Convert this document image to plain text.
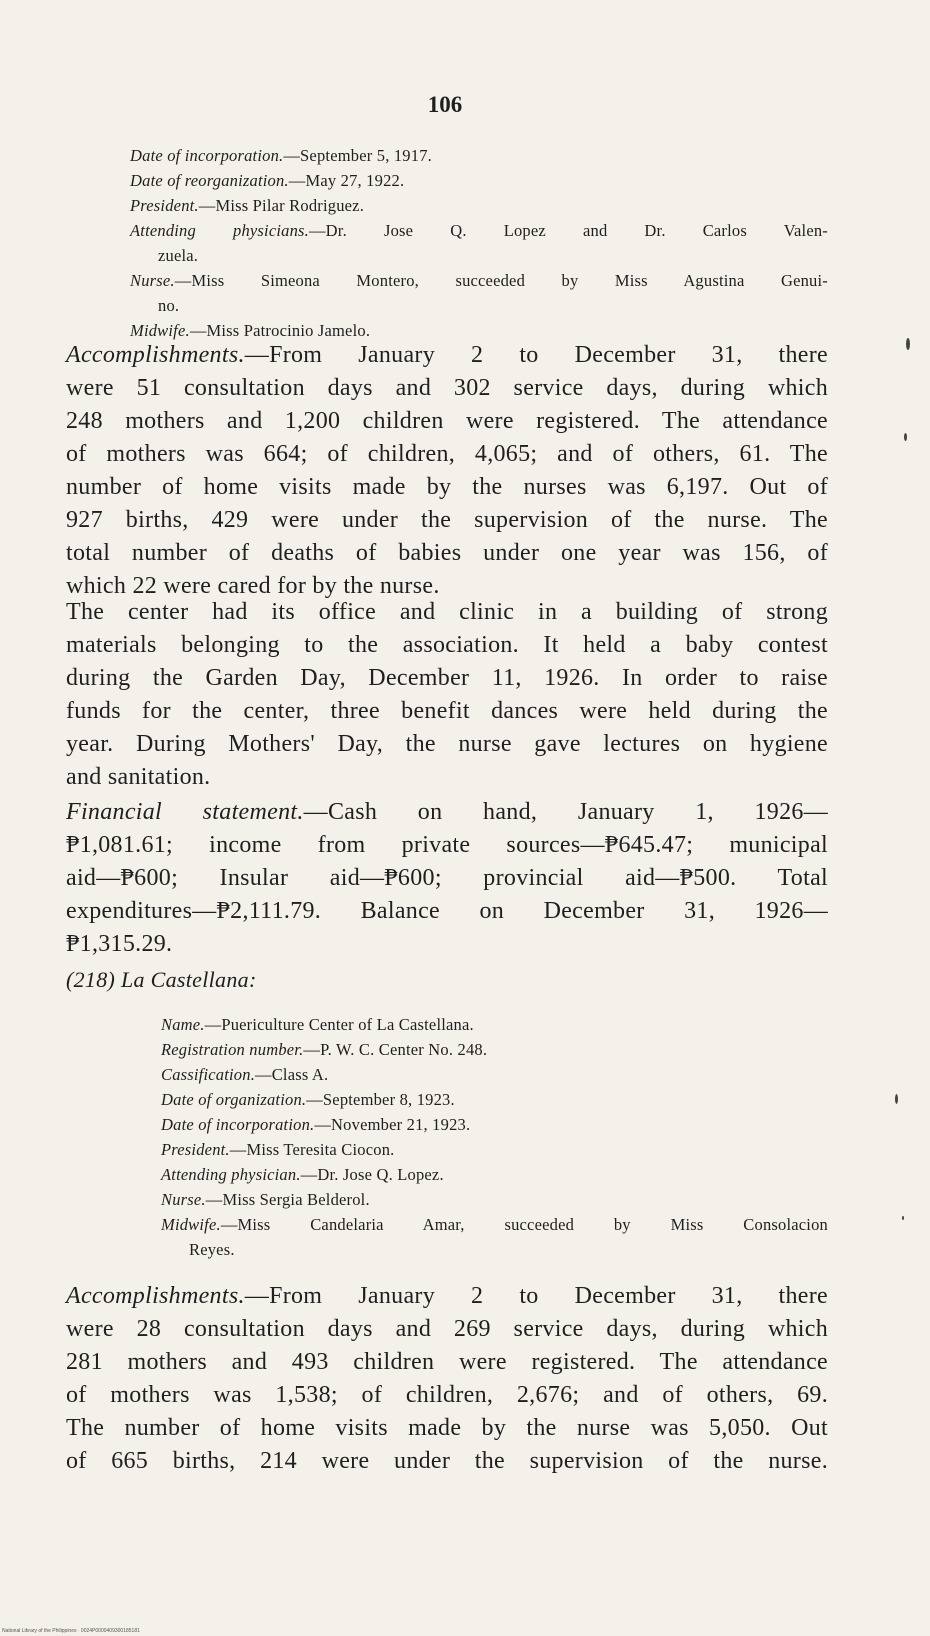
106
Date of incorporation.—September 5, 1917.
Date of reorganization.—May 27, 1922.
President.—Miss Pilar Rodriguez.
Attending physicians.—Dr. Jose Q. Lopez and Dr. Carlos Valen-
zuela.
Nurse.—Miss Simeona Montero, succeeded by Miss Agustina Genui-
no.
Midwife.—Miss Patrocinio Jamelo.
Accomplishments.—From January 2 to December 31, there
were 51 consultation days and 302 service days, during which
248 mothers and 1,200 children were registered. The attendance
of mothers was 664; of children, 4,065; and of others, 61. The
number of home visits made by the nurses was 6,197. Out of
927 births, 429 were under the supervision of the nurse. The
total number of deaths of babies under one year was 156, of
which 22 were cared for by the nurse.
The center had its office and clinic in a building of strong
materials belonging to the association. It held a baby contest
during the Garden Day, December 11, 1926. In order to raise
funds for the center, three benefit dances were held during the
year. During Mothers' Day, the nurse gave lectures on hygiene
and sanitation.
Financial statement.—Cash on hand, January 1, 1926—
₱1,081.61; income from private sources—₱645.47; municipal
aid—₱600; Insular aid—₱600; provincial aid—₱500. Total
expenditures—₱2,111.79. Balance on December 31, 1926—
₱1,315.29.
(218) La Castellana:
Name.—Puericulture Center of La Castellana.
Registration number.—P. W. C. Center No. 248.
Cassification.—Class A.
Date of organization.—September 8, 1923.
Date of incorporation.—November 21, 1923.
President.—Miss Teresita Ciocon.
Attending physician.—Dr. Jose Q. Lopez.
Nurse.—Miss Sergia Belderol.
Midwife.—Miss Candelaria Amar, succeeded by Miss Consolacion
Reyes.
Accomplishments.—From January 2 to December 31, there
were 28 consultation days and 269 service days, during which
281 mothers and 493 children were registered. The attendance
of mothers was 1,538; of children, 2,676; and of others, 69.
The number of home visits made by the nurse was 5,050. Out
of 665 births, 214 were under the supervision of the nurse.
National Library of the Philippines · 0024P0000409300185181
